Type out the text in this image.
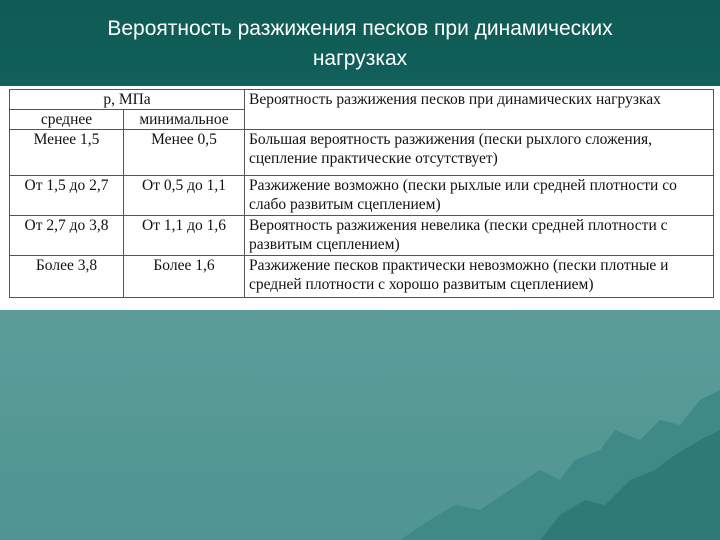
Вероятность разжижения песков при динамических нагрузках
p, МПа		Вероятность разжижения песков при динамических нагрузках
среднее	минимальное	
Менее 1,5	Менее 0,5	Большая вероятность разжижения (пески рыхлого сложения, сцепление практические отсутствует)
От 1,5 до 2,7	От 0,5 до 1,1	Разжижение возможно (пески рыхлые или средней плотности со слабо развитым сцеплением)
От 2,7 до 3,8	От 1,1 до 1,6	Вероятность разжижения невелика (пески средней плотности с развитым сцеплением)
Более 3,8	Более 1,6	Разжижение песков практически невозможно (пески плотные и средней плотности с хорошо развитым сцеплением)
